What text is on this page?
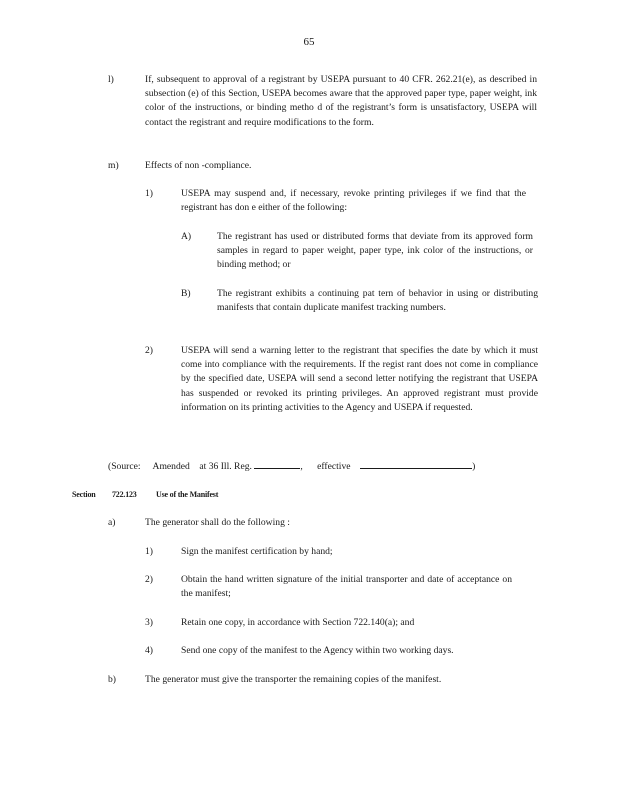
65
l)	If, subsequent to approval of a registrant by USEPA pursuant to 40 CFR. 262.21(e), as described in subsection (e) of this Section, USEPA becomes aware that the approved paper type, paper weight, ink color of the instructions, or binding metho d of the registrant’s form is unsatisfactory, USEPA will contact the registrant and require modifications to the form.
m)	Effects of non -compliance.
1)	USEPA may suspend and, if necessary, revoke printing privileges if we find that the registrant has don e either of the following:
A)	The registrant has used or distributed forms that deviate from its approved form samples in regard to paper weight, paper type, ink color of the instructions, or binding method; or
B)	The registrant exhibits a continuing pat tern of behavior in using or distributing manifests that contain duplicate manifest tracking numbers.
2)	USEPA will send a warning letter to the registrant that specifies the date by which it must come into compliance with the requirements. If the regist rant does not come in compliance by the specified date, USEPA will send a second letter notifying the registrant that USEPA has suspended or revoked its printing privileges. An approved registrant must provide information on its printing activities to the Agency and USEPA if requested.
(Source: Amended at 36 Ill. Reg.	, effective	)
Section 722.123 Use of the Manifest
a)	The generator shall do the following :
1)	Sign the manifest certification by hand;
2)	Obtain the hand written signature of the initial transporter and date of acceptance on the manifest;
3)	Retain one copy, in accordance with Section 722.140(a); and
4)	Send one copy of the manifest to the Agency within two working days.
b)	The generator must give the transporter the remaining copies of the manifest.
